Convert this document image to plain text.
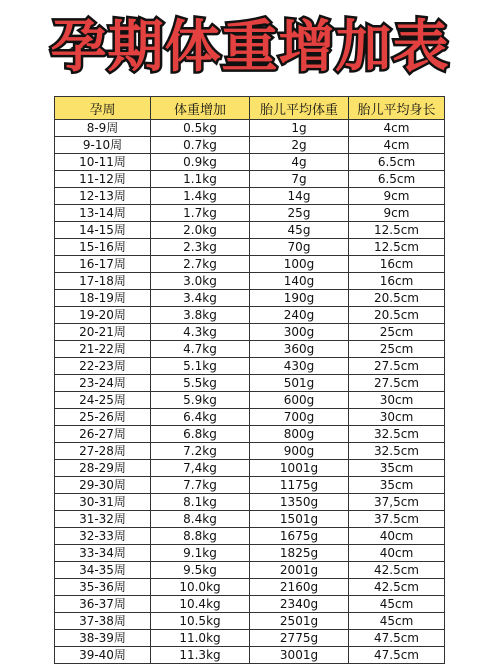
孕期体重增加表
孕周	体重增加	胎儿平均体重	胎儿平均身长
8-9周	0.5kg	1g	4cm
9-10周	0.7kg	2g	4cm
10-11周	0.9kg	4g	6.5cm
11-12周	1.1kg	7g	6.5cm
12-13周	1.4kg	14g	9cm
13-14周	1.7kg	25g	9cm
14-15周	2.0kg	45g	12.5cm
15-16周	2.3kg	70g	12.5cm
16-17周	2.7kg	100g	16cm
17-18周	3.0kg	140g	16cm
18-19周	3.4kg	190g	20.5cm
19-20周	3.8kg	240g	20.5cm
20-21周	4.3kg	300g	25cm
21-22周	4.7kg	360g	25cm
22-23周	5.1kg	430g	27.5cm
23-24周	5.5kg	501g	27.5cm
24-25周	5.9kg	600g	30cm
25-26周	6.4kg	700g	30cm
26-27周	6.8kg	800g	32.5cm
27-28周	7.2kg	900g	32.5cm
28-29周	7,4kg	1001g	35cm
29-30周	7.7kg	1175g	35cm
30-31周	8.1kg	1350g	37,5cm
31-32周	8.4kg	1501g	37.5cm
32-33周	8.8kg	1675g	40cm
33-34周	9.1kg	1825g	40cm
34-35周	9.5kg	2001g	42.5cm
35-36周	10.0kg	2160g	42.5cm
36-37周	10.4kg	2340g	45cm
37-38周	10.5kg	2501g	45cm
38-39周	11.0kg	2775g	47.5cm
39-40周	11.3kg	3001g	47.5cm
